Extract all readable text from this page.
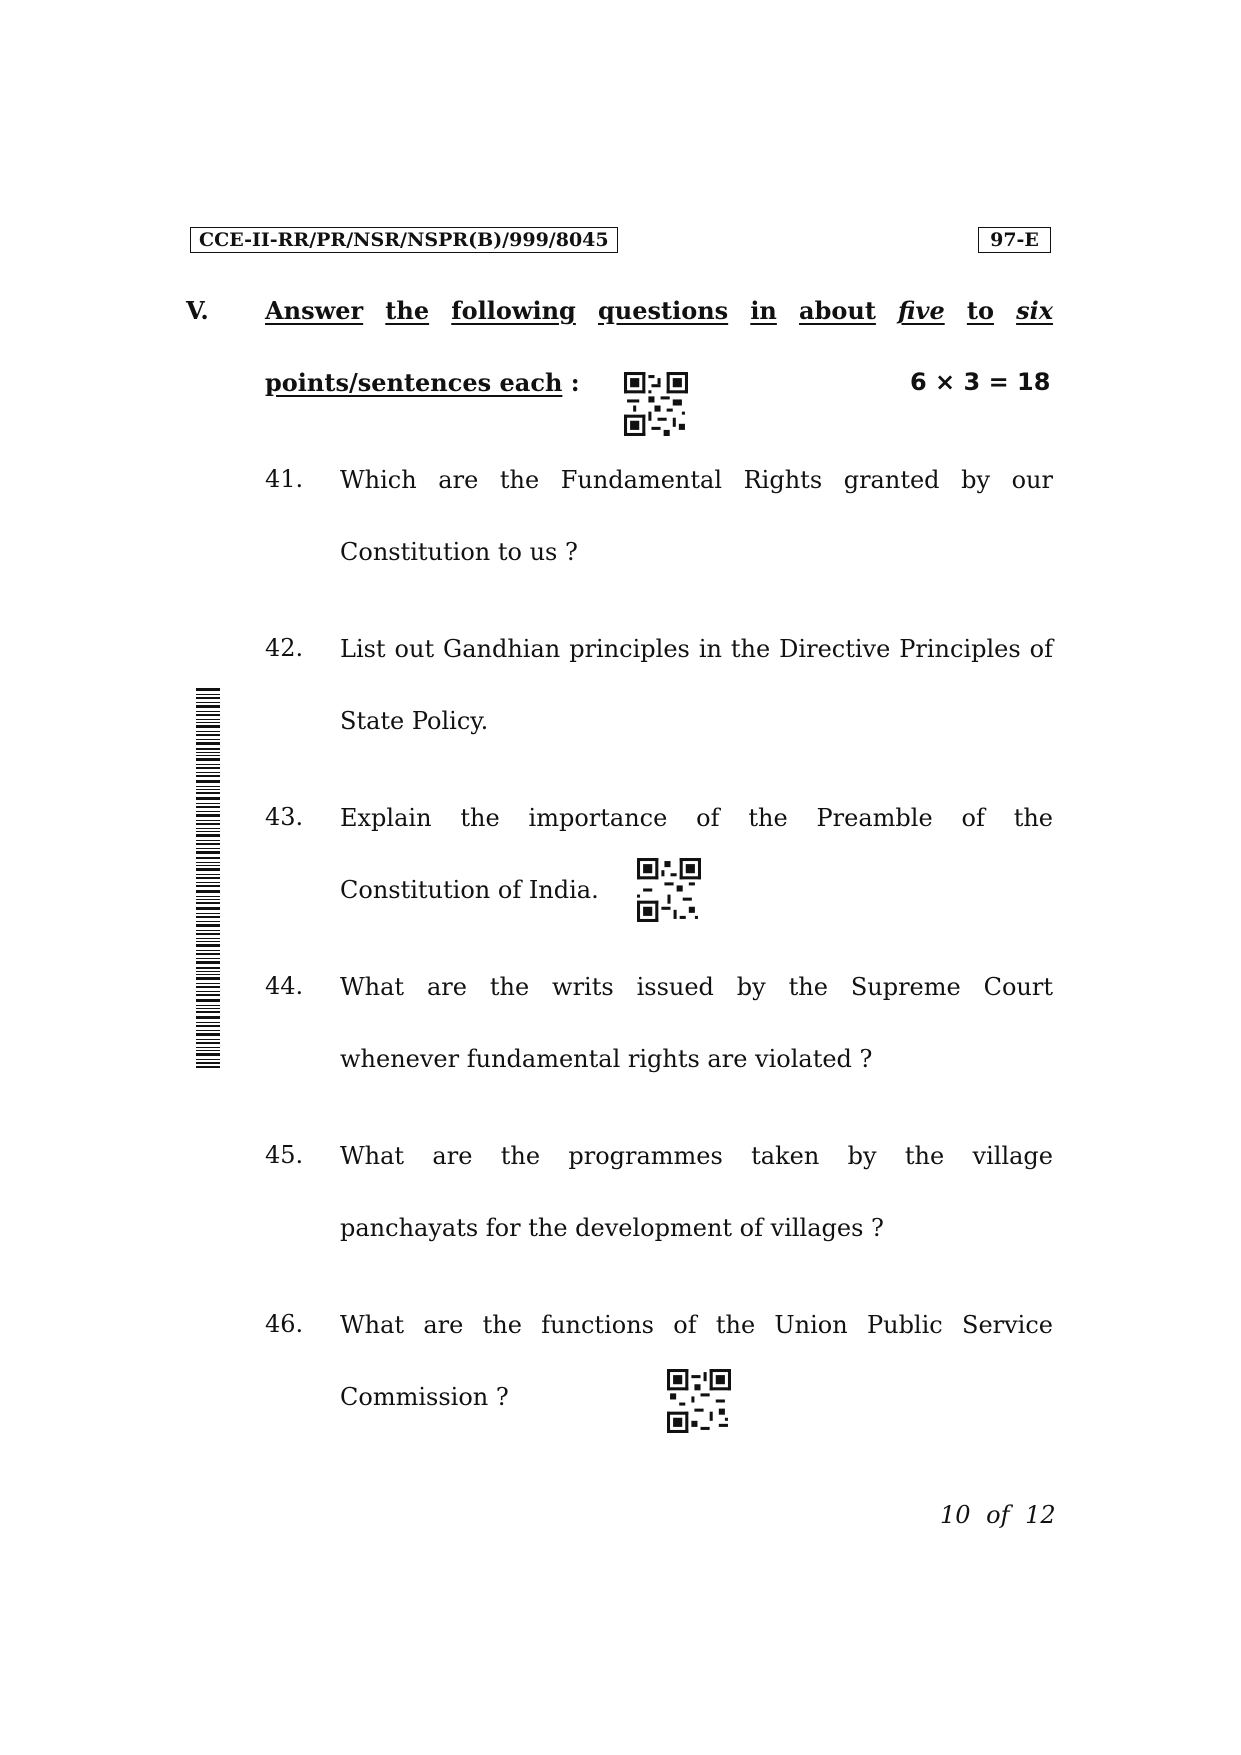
CCE-II-RR/PR/NSR/NSPR(B)/999/8045	97-E
V. Answer the following questions in about five to six
points/sentences each :	6 × 3 = 18
41. Which are the Fundamental Rights granted by our
Constitution to us ?
42. List out Gandhian principles in the Directive Principles of
State Policy.
43. Explain the importance of the Preamble of the
Constitution of India.
44. What are the writs issued by the Supreme Court
whenever fundamental rights are violated ?
45. What are the programmes taken by the village
panchayats for the development of villages ?
46. What are the functions of the Union Public Service
Commission ?
10 of 12
